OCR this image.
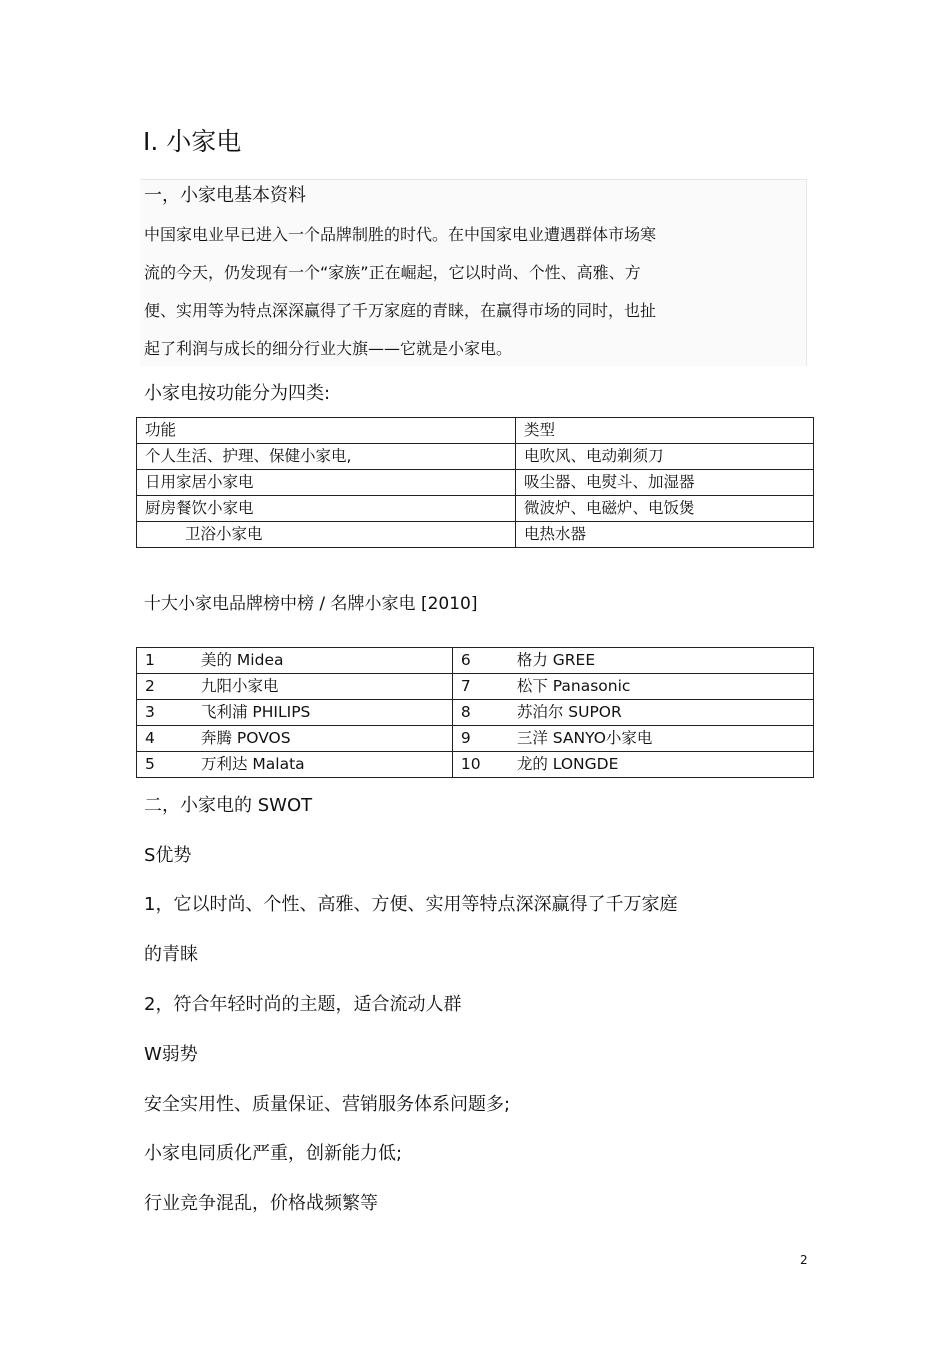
I. 小家电
一，小家电基本资料
中国家电业早已进入一个品牌制胜的时代。在中国家电业遭遇群体市场寒
流的今天，仍发现有一个“家族”正在崛起，它以时尚、个性、高雅、方
便、实用等为特点深深赢得了千万家庭的青睐，在赢得市场的同时，也扯
起了利润与成长的细分行业大旗——它就是小家电。
小家电按功能分为四类:
功能	类型
个人生活、护理、保健小家电,	电吹风、电动剃须刀
日用家居小家电	吸尘器、电熨斗、加湿器
厨房餐饮小家电	微波炉、电磁炉、电饭煲
卫浴小家电	电热水器
十大小家电品牌榜中榜 / 名牌小家电 [2010]
1 美的 Midea	6 格力 GREE
2 九阳小家电	7 松下 Panasonic
3 飞利浦 PHILIPS	8 苏泊尔 SUPOR
4 奔腾 POVOS	9 三洋 SANYO小家电
5 万利达 Malata	10 龙的 LONGDE
二，小家电的 SWOT
S优势
1，它以时尚、个性、高雅、方便、实用等特点深深赢得了千万家庭
的青睐
2，符合年轻时尚的主题，适合流动人群
W弱势
安全实用性、质量保证、营销服务体系问题多;
小家电同质化严重，创新能力低;
行业竞争混乱，价格战频繁等
2
